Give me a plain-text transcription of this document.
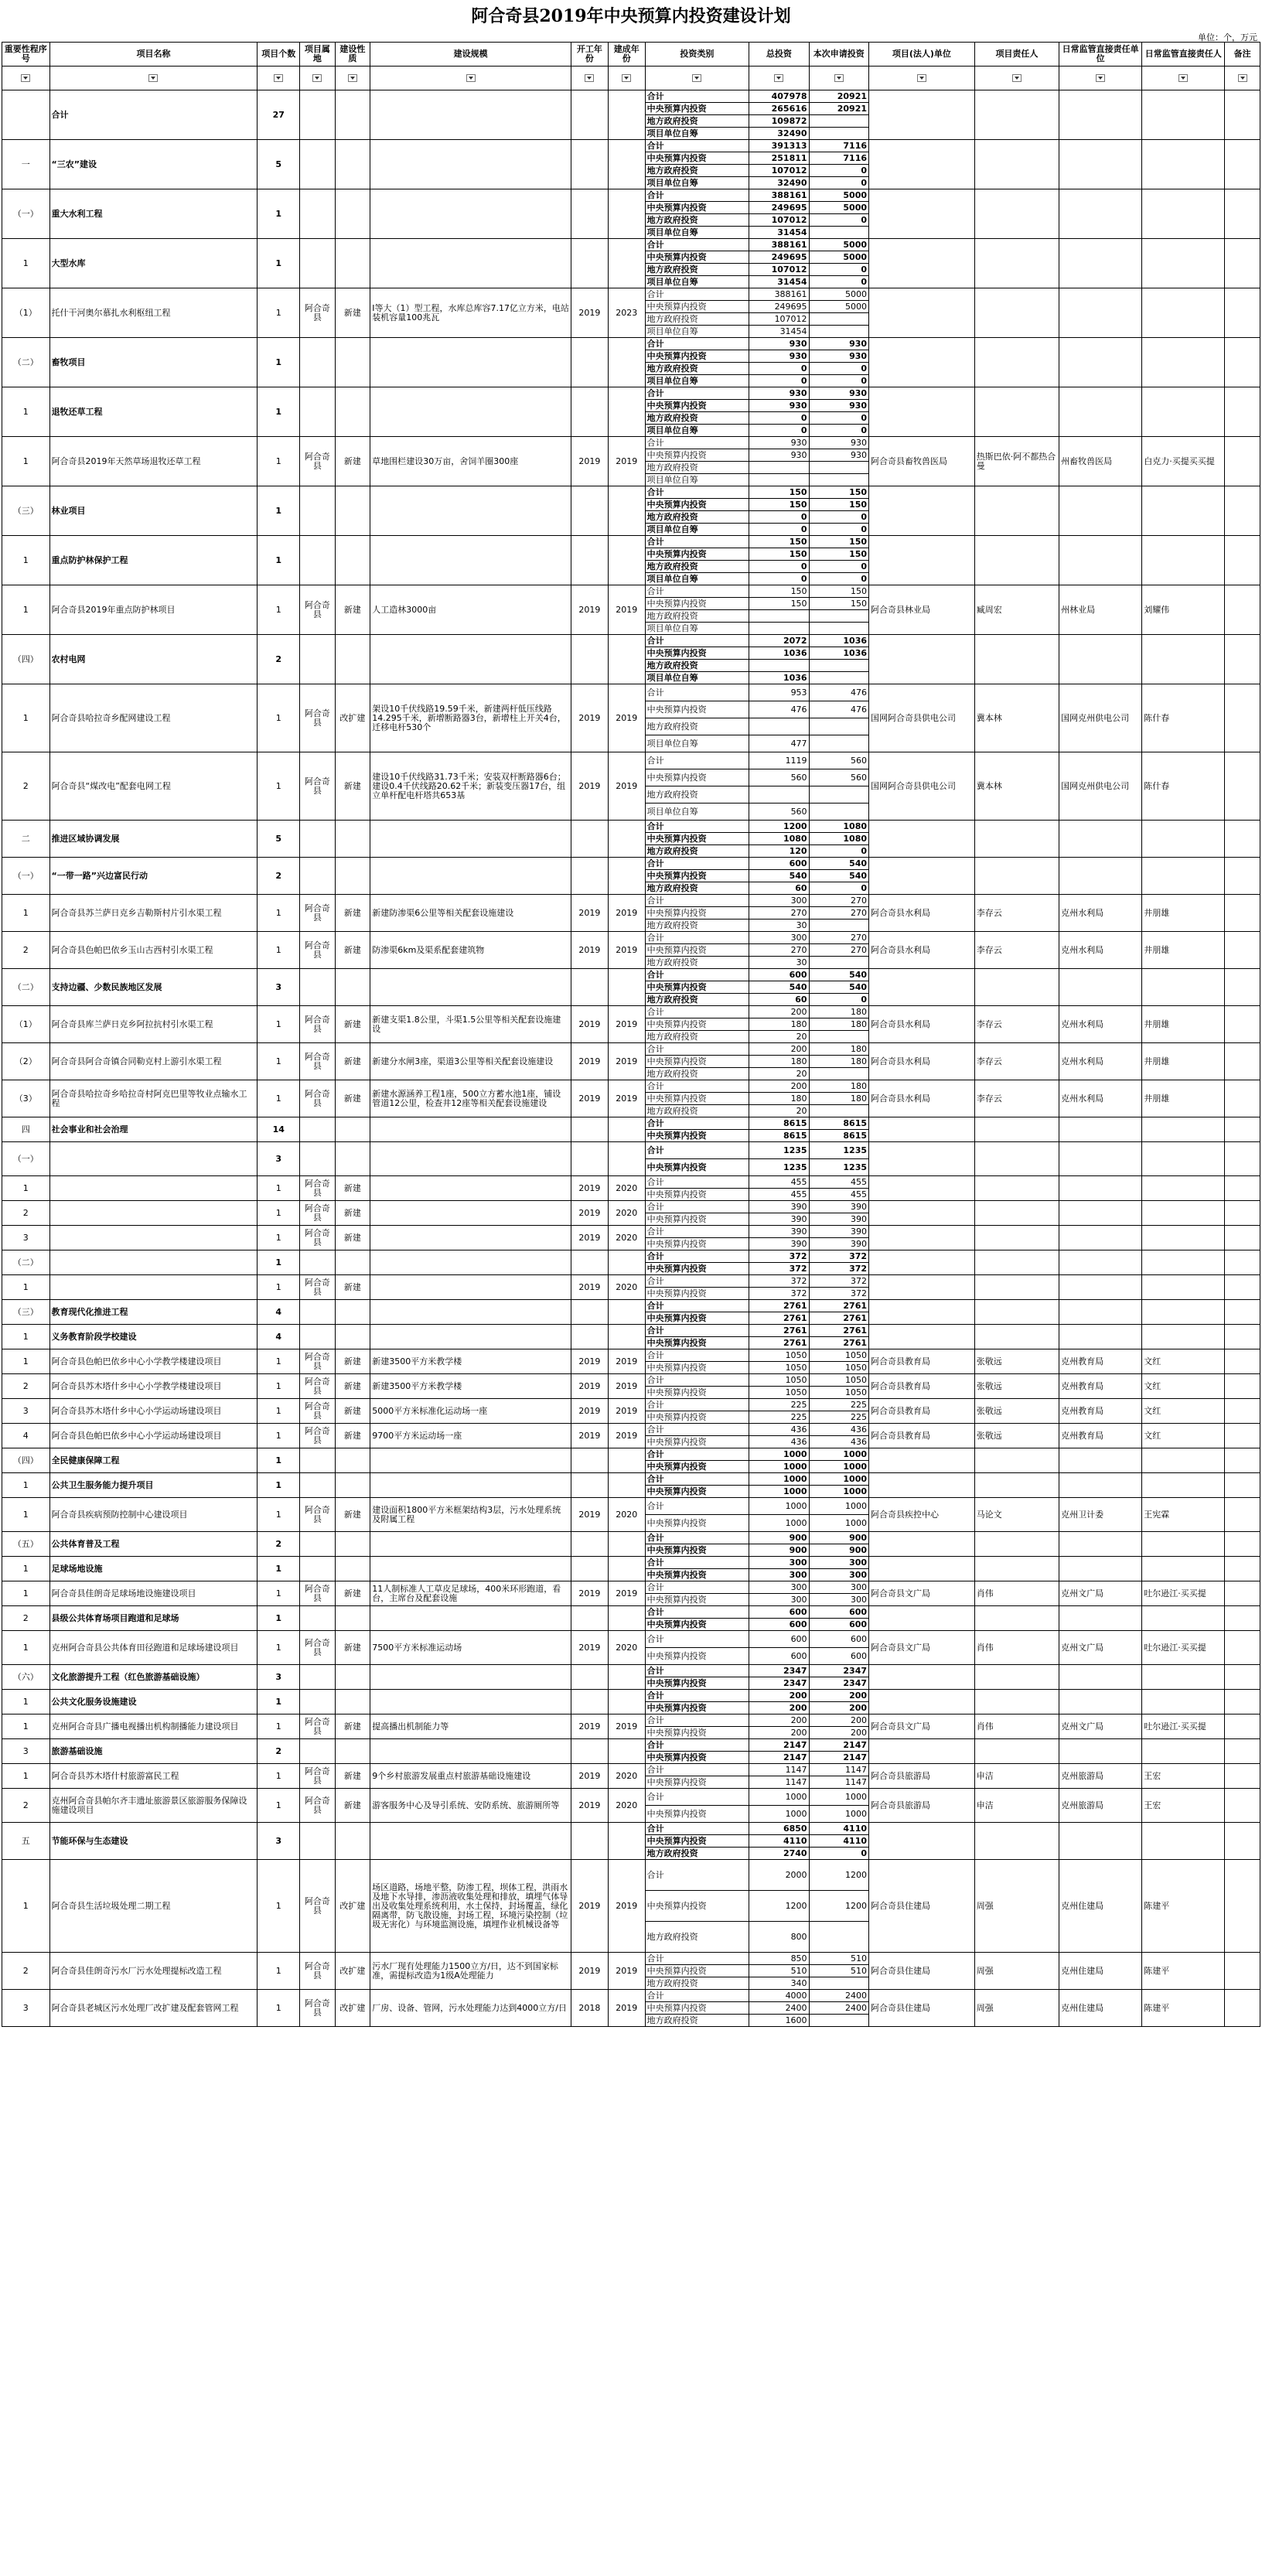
阿合奇县2019年中央预算内投资建设计划
单位：个，万元
重要性程序号	项目名称	项目个数	项目属地	建设性质	建设规模	开工年份	建成年份	投资类别	总投资	本次申请投资	项目(法人)单位	项目责任人	日常监管直接责任单位	日常监管直接责任人	备注

	合计	27						合计	407978	20921					
								中央预算内投资	265616	20921					
								地方政府投资	109872						
								项目单位自筹	32490						
一	“三农”建设	5						合计	391313	7116					
								中央预算内投资	251811	7116					
								地方政府投资	107012	0					
								项目单位自筹	32490	0					
（一）	重大水利工程	1						合计	388161	5000					
								中央预算内投资	249695	5000					
								地方政府投资	107012	0					
								项目单位自筹	31454						
1	大型水库	1						合计	388161	5000					
								中央预算内投资	249695	5000					
								地方政府投资	107012	0					
								项目单位自筹	31454	0					
（1）	托什干河奥尔慕扎水利枢纽工程	1	阿合奇县	新建	Ⅰ等大（1）型工程，水库总库容7.17亿立方米，电站装机容量100兆瓦	2019	2023	合计	388161	5000					
								中央预算内投资	249695	5000					
								地方政府投资	107012						
								项目单位自筹	31454						
（二）	畜牧项目	1						合计	930	930					
								中央预算内投资	930	930					
								地方政府投资	0	0					
								项目单位自筹	0	0					
1	退牧还草工程	1						合计	930	930					
								中央预算内投资	930	930					
								地方政府投资	0	0					
								项目单位自筹	0	0					
1	阿合奇县2019年天然草场退牧还草工程	1	阿合奇县	新建	草地围栏建设30万亩，舍饲羊圈300座	2019	2019	合计	930	930	阿合奇县畜牧兽医局	热斯巴依·阿不都热合曼	州畜牧兽医局	白克力·买提买买提	
								中央预算内投资	930	930					
								地方政府投资							
								项目单位自筹							
（三）	林业项目	1						合计	150	150					
								中央预算内投资	150	150					
								地方政府投资	0	0					
								项目单位自筹	0	0					
1	重点防护林保护工程	1						合计	150	150					
								中央预算内投资	150	150					
								地方政府投资	0	0					
								项目单位自筹	0	0					
1	阿合奇县2019年重点防护林项目	1	阿合奇县	新建	人工造林3000亩	2019	2019	合计	150	150	阿合奇县林业局	臧周宏	州林业局	刘耀伟	
								中央预算内投资	150	150					
								地方政府投资							
								项目单位自筹							
（四）	农村电网	2						合计	2072	1036					
								中央预算内投资	1036	1036					
								地方政府投资							
								项目单位自筹	1036						
1	阿合奇县哈拉奇乡配网建设工程	1	阿合奇县	改扩建	架设10千伏线路19.59千米，新建两杆低压线路14.295千米，新增断路器3台，新增柱上开关4台，迁移电杆530个	2019	2019	合计	953	476	国网阿合奇县供电公司	冀本林	国网克州供电公司	陈什春	
								中央预算内投资	476	476					
								地方政府投资							
								项目单位自筹	477						
2	阿合奇县“煤改电”配套电网工程	1	阿合奇县	新建	建设10千伏线路31.73千米；安装双杆断路器6台；建设0.4千伏线路20.62千米；新装变压器17台，组立单杆配电杆塔共653基	2019	2019	合计	1119	560	国网阿合奇县供电公司	冀本林	国网克州供电公司	陈什春	
								中央预算内投资	560	560					
								地方政府投资							
								项目单位自筹	560						
二	推进区域协调发展	5						合计	1200	1080					
								中央预算内投资	1080	1080					
								地方政府投资	120	0					
（一）	“一带一路”兴边富民行动	2						合计	600	540					
								中央预算内投资	540	540					
								地方政府投资	60	0					
1	阿合奇县苏兰萨日克乡吉勒斯村片引水渠工程	1	阿合奇县	新建	新建防渗渠6公里等相关配套设施建设	2019	2019	合计	300	270	阿合奇县水利局	李存云	克州水利局	井朋雄	
								中央预算内投资	270	270					
								地方政府投资	30						
2	阿合奇县色帕巴依乡玉山古西村引水渠工程	1	阿合奇县	新建	防渗渠6km及渠系配套建筑物	2019	2019	合计	300	270	阿合奇县水利局	李存云	克州水利局	井朋雄	
								中央预算内投资	270	270					
								地方政府投资	30						
（二）	支持边疆、少数民族地区发展	3						合计	600	540					
								中央预算内投资	540	540					
								地方政府投资	60	0					
（1）	阿合奇县库兰萨日克乡阿拉抗村引水渠工程	1	阿合奇县	新建	新建支渠1.8公里，斗渠1.5公里等相关配套设施建设	2019	2019	合计	200	180	阿合奇县水利局	李存云	克州水利局	井朋雄	
								中央预算内投资	180	180					
								地方政府投资	20						
（2）	阿合奇县阿合奇镇合同勒克村上游引水渠工程	1	阿合奇县	新建	新建分水闸3座，渠道3公里等相关配套设施建设	2019	2019	合计	200	180	阿合奇县水利局	李存云	克州水利局	井朋雄	
								中央预算内投资	180	180					
								地方政府投资	20						
（3）	阿合奇县哈拉奇乡哈拉奇村阿克巴里等牧业点输水工程	1	阿合奇县	新建	新建水源涵养工程1座，500立方蓄水池1座，铺设管道12公里，检查井12座等相关配套设施建设	2019	2019	合计	200	180	阿合奇县水利局	李存云	克州水利局	井朋雄	
								中央预算内投资	180	180					
								地方政府投资	20						
四	社会事业和社会治理	14						合计	8615	8615					
								中央预算内投资	8615	8615					
（一）		3						合计	1235	1235					
								中央预算内投资	1235	1235					
1		1	阿合奇县	新建		2019	2020	合计	455	455					
								中央预算内投资	455	455					
2		1	阿合奇县	新建		2019	2020	合计	390	390					
								中央预算内投资	390	390					
3		1	阿合奇县	新建		2019	2020	合计	390	390					
								中央预算内投资	390	390					
（二）		1						合计	372	372					
								中央预算内投资	372	372					
1		1	阿合奇县	新建		2019	2020	合计	372	372					
								中央预算内投资	372	372					
（三）	教育现代化推进工程	4						合计	2761	2761					
								中央预算内投资	2761	2761					
1	义务教育阶段学校建设	4						合计	2761	2761					
								中央预算内投资	2761	2761					
1	阿合奇县色帕巴依乡中心小学教学楼建设项目	1	阿合奇县	新建	新建3500平方米教学楼	2019	2019	合计	1050	1050	阿合奇县教育局	张敬远	克州教育局	文红	
								中央预算内投资	1050	1050					
2	阿合奇县苏木塔什乡中心小学教学楼建设项目	1	阿合奇县	新建	新建3500平方米教学楼	2019	2019	合计	1050	1050	阿合奇县教育局	张敬远	克州教育局	文红	
								中央预算内投资	1050	1050					
3	阿合奇县苏木塔什乡中心小学运动场建设项目	1	阿合奇县	新建	5000平方米标准化运动场一座	2019	2019	合计	225	225	阿合奇县教育局	张敬远	克州教育局	文红	
								中央预算内投资	225	225					
4	阿合奇县色帕巴依乡中心小学运动场建设项目	1	阿合奇县	新建	9700平方米运动场一座	2019	2019	合计	436	436	阿合奇县教育局	张敬远	克州教育局	文红	
								中央预算内投资	436	436					
（四）	全民健康保障工程	1						合计	1000	1000					
								中央预算内投资	1000	1000					
1	公共卫生服务能力提升项目	1						合计	1000	1000					
								中央预算内投资	1000	1000					
1	阿合奇县疾病预防控制中心建设项目	1	阿合奇县	新建	建设面积1800平方米框架结构3层，污水处理系统及附属工程	2019	2020	合计	1000	1000	阿合奇县疾控中心	马论文	克州卫计委	王宪霖	
								中央预算内投资	1000	1000					
（五）	公共体育普及工程	2						合计	900	900					
								中央预算内投资	900	900					
1	足球场地设施	1						合计	300	300					
								中央预算内投资	300	300					
1	阿合奇县佳朗奇足球场地设施建设项目	1	阿合奇县	新建	11人制标准人工草皮足球场，400米环形跑道，看台，主席台及配套设施	2019	2019	合计	300	300	阿合奇县文广局	肖伟	克州文广局	吐尔逊江·买买提	
								中央预算内投资	300	300					
2	县级公共体育场项目跑道和足球场	1						合计	600	600					
								中央预算内投资	600	600					
1	克州阿合奇县公共体育田径跑道和足球场建设项目	1	阿合奇县	新建	7500平方米标准运动场	2019	2020	合计	600	600	阿合奇县文广局	肖伟	克州文广局	吐尔逊江·买买提	
								中央预算内投资	600	600					
（六）	文化旅游提升工程（红色旅游基础设施）	3						合计	2347	2347					
								中央预算内投资	2347	2347					
1	公共文化服务设施建设	1						合计	200	200					
								中央预算内投资	200	200					
1	克州阿合奇县广播电视播出机构制播能力建设项目	1	阿合奇县	新建	提高播出机制能力等	2019	2019	合计	200	200	阿合奇县文广局	肖伟	克州文广局	吐尔逊江·买买提	
								中央预算内投资	200	200					
3	旅游基础设施	2						合计	2147	2147					
								中央预算内投资	2147	2147					
1	阿合奇县苏木塔什村旅游富民工程	1	阿合奇县	新建	9个乡村旅游发展重点村旅游基础设施建设	2019	2020	合计	1147	1147	阿合奇县旅游局	申洁	克州旅游局	王宏	
								中央预算内投资	1147	1147					
2	克州阿合奇县帕尔齐丰遗址旅游景区旅游服务保障设施建设项目	1	阿合奇县	新建	游客服务中心及导引系统、安防系统、旅游厕所等	2019	2020	合计	1000	1000	阿合奇县旅游局	申洁	克州旅游局	王宏	
								中央预算内投资	1000	1000					
五	节能环保与生态建设	3						合计	6850	4110					
								中央预算内投资	4110	4110					
								地方政府投资	2740	0					
1	阿合奇县生活垃圾处理二期工程	1	阿合奇县	改扩建	场区道路，场地平整，防渗工程，坝体工程，洪雨水及地下水导排，渗沥液收集处理和排放，填埋气体导出及收集处理系统利用，水土保持，封场覆盖，绿化隔离带，防飞散设施，封场工程，环境污染控制（垃圾无害化）与环境监测设施，填埋作业机械设备等	2019	2019	合计	2000	1200	阿合奇县住建局	周强	克州住建局	陈建平	
								中央预算内投资	1200	1200					
								地方政府投资	800						
2	阿合奇县佳朗奇污水厂污水处理提标改造工程	1	阿合奇县	改扩建	污水厂现有处理能力1500立方/日，达不到国家标准，需提标改造为1级A处理能力	2019	2019	合计	850	510	阿合奇县住建局	周强	克州住建局	陈建平	
								中央预算内投资	510	510					
								地方政府投资	340						
3	阿合奇县老城区污水处理厂改扩建及配套管网工程	1	阿合奇县	改扩建	厂房、设备、管网，污水处理能力达到4000立方/日	2018	2019	合计	4000	2400	阿合奇县住建局	周强	克州住建局	陈建平	
								中央预算内投资	2400	2400					
								地方政府投资	1600						
